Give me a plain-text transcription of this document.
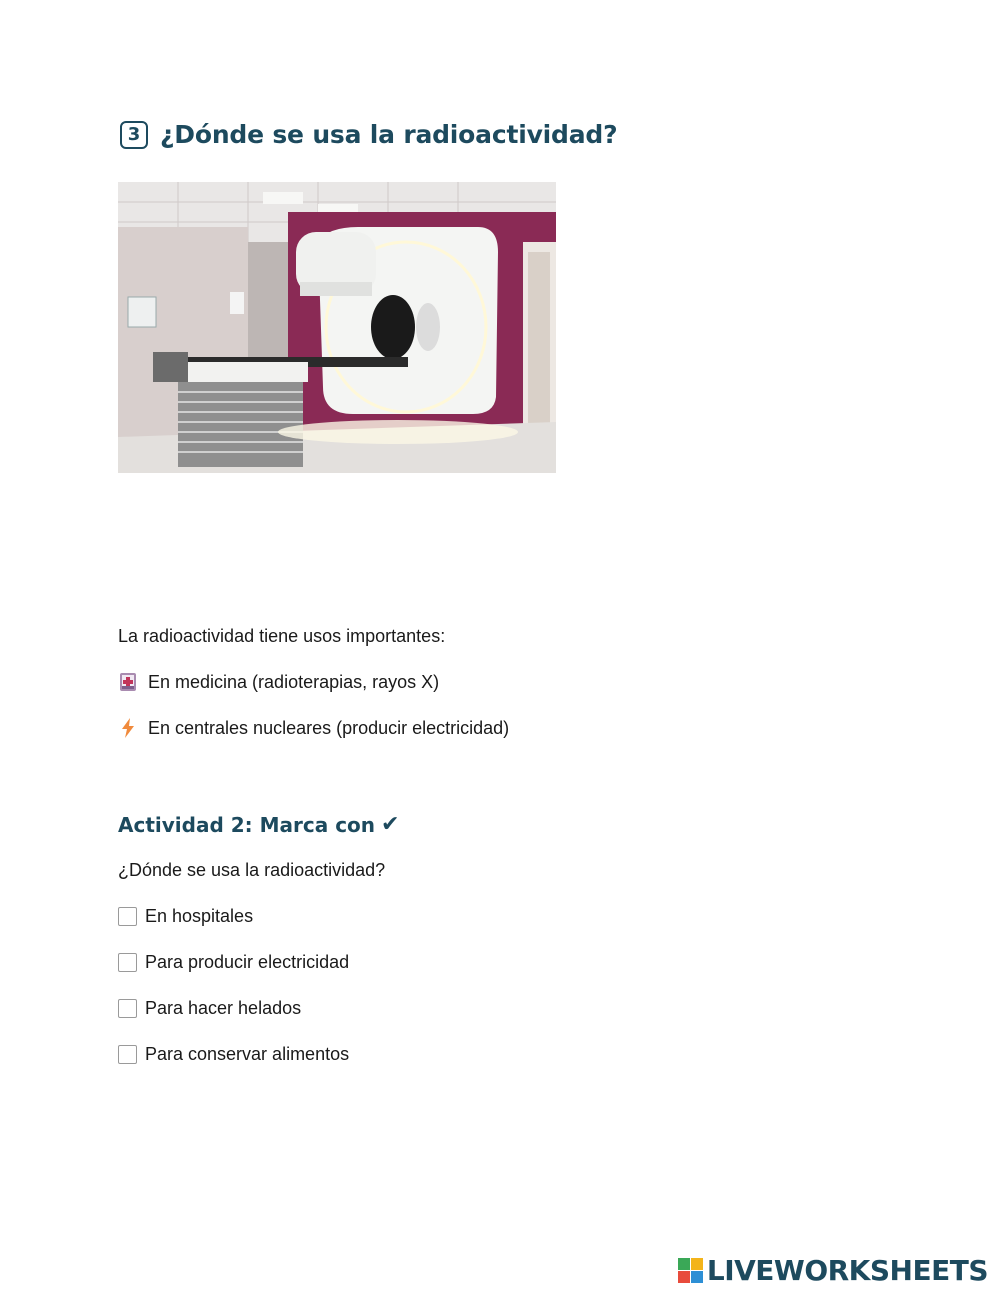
3 ¿Dónde se usa la radioactividad?
La radioactividad tiene usos importantes:
En medicina (radioterapias, rayos X)
En centrales nucleares (producir electricidad)
Actividad 2: Marca con ✔
¿Dónde se usa la radioactividad?
En hospitales
Para producir electricidad
Para hacer helados
Para conservar alimentos
LIVEWORKSHEETS
